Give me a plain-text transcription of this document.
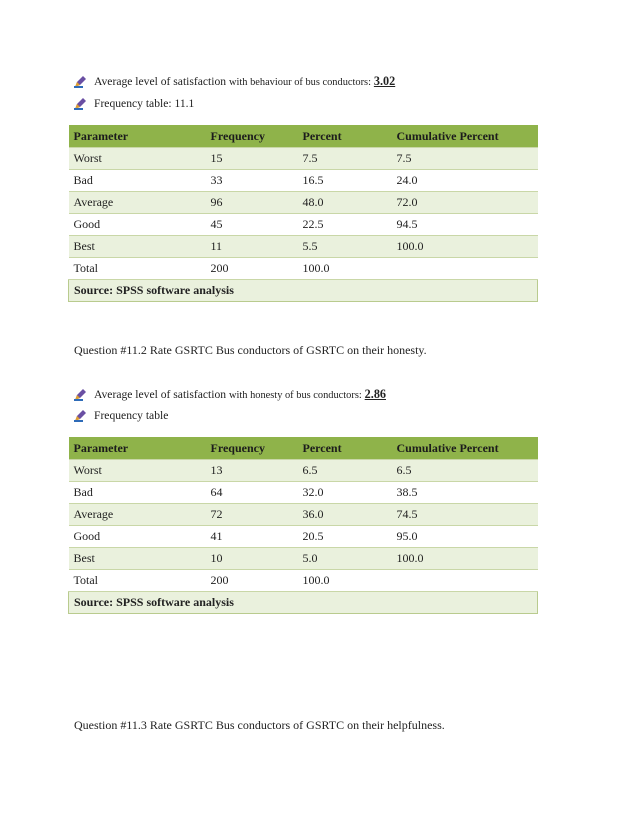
Average level of satisfaction with behaviour of bus conductors: 3.02
Frequency table: 11.1
Parameter	Frequency	Percent	Cumulative Percent
Worst	15	7.5	7.5
Bad	33	16.5	24.0
Average	96	48.0	72.0
Good	45	22.5	94.5
Best	11	5.5	100.0
Total	200	100.0	
Source: SPSS software analysis			
Question #11.2 Rate GSRTC Bus conductors of GSRTC on their honesty.
Average level of satisfaction with honesty of bus conductors: 2.86
Frequency table
Parameter	Frequency	Percent	Cumulative Percent
Worst	13	6.5	6.5
Bad	64	32.0	38.5
Average	72	36.0	74.5
Good	41	20.5	95.0
Best	10	5.0	100.0
Total	200	100.0	
Source: SPSS software analysis			
Question #11.3 Rate GSRTC Bus conductors of GSRTC on their helpfulness.
